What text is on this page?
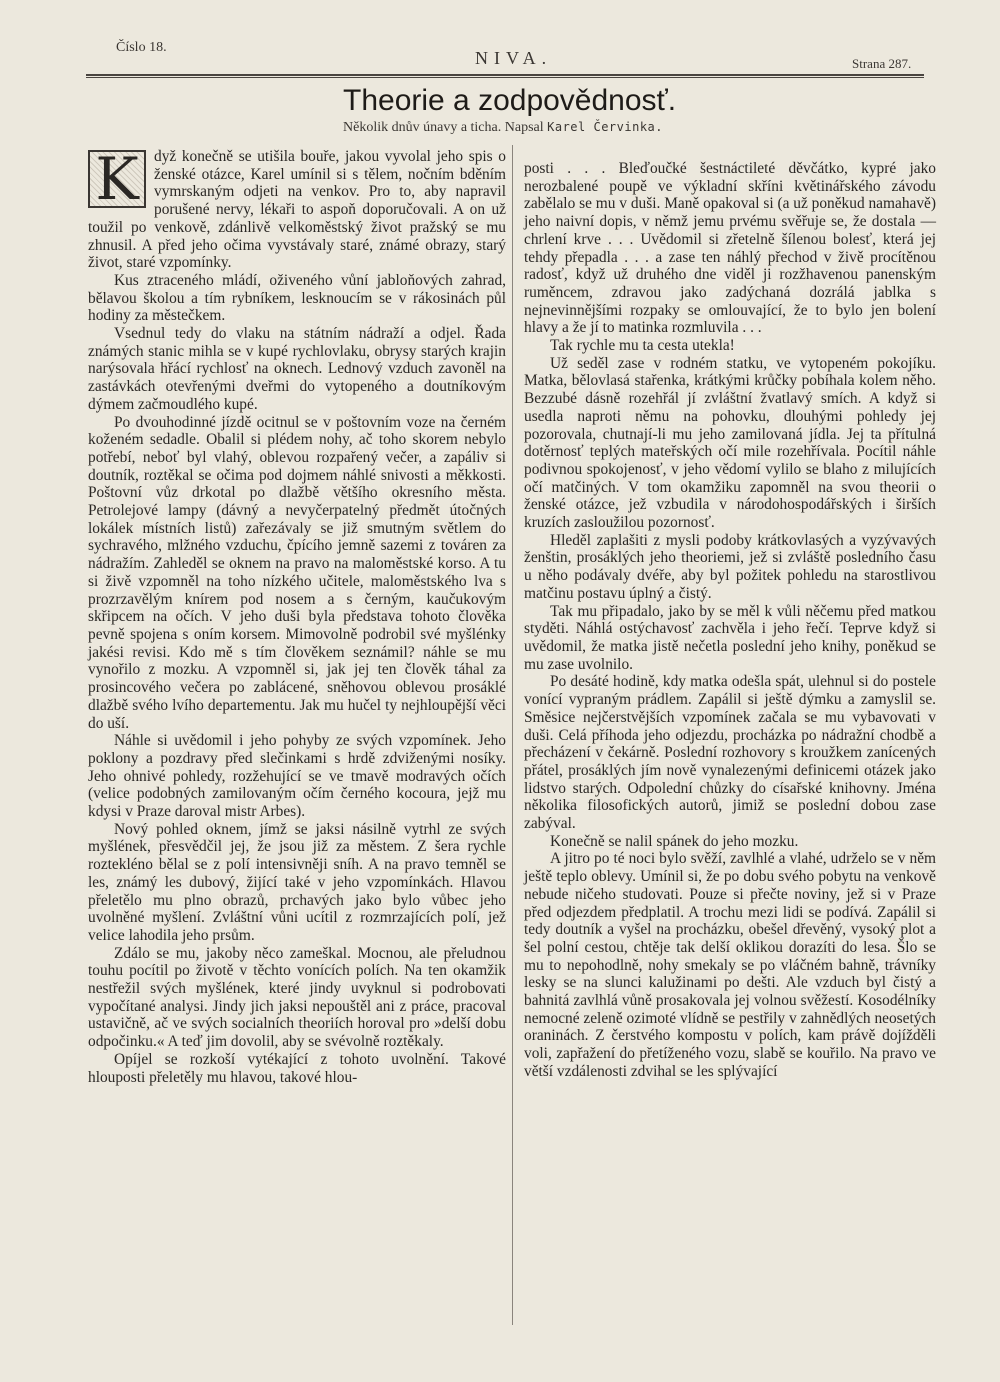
Číslo 18.
NIVA.	Strana 287.
Theorie a zodpovědnosť.
Několik dnův únavy a ticha. Napsal Karel Červinka.

K dyž konečně se utišila bouře, jakou vyvolal jeho spis o ženské otázce, Karel umínil si s tělem, nočním bděním vymrskaným odjeti na venkov. Pro to, aby napravil porušené nervy, lékaři to aspoň doporučovali. A on už toužil po venkově, zdánlivě velkoměstský život pražský se mu zhnusil. A před jeho očima vyvstávaly staré, známé obrazy, starý život, staré vzpomínky.

Kus ztraceného mládí, oživeného vůní jabloňových zahrad, bělavou školou a tím rybníkem, lesknoucím se v rákosinách půl hodiny za městečkem.

Vsednul tedy do vlaku na státním nádraží a odjel. Řada známých stanic mihla se v kupé rychlovlaku, obrysy starých krajin narýsovala hřácí rychlosť na oknech. Lednový vzduch zavoněl na zastávkách otevřenými dveřmi do vytopeného a doutníkovým dýmem začmoudlého kupé.

Po dvouhodinné jízdě ocitnul se v poštovním voze na černém koženém sedadle. Obalil si plédem nohy, ač toho skorem nebylo potřebí, neboť byl vlahý, oblevou rozpařený večer, a zapáliv si doutník, roztěkal se očima pod dojmem náhlé snivosti a měkkosti. Poštovní vůz drkotal po dlažbě většího okresního města. Petrolejové lampy (dávný a nevyčerpatelný předmět útočných lokálek místních listů) zařezávaly se již smutným světlem do sychravého, mlžného vzduchu, čpícího jemně sazemi z továren za nádražím. Zahleděl se oknem na pravo na maloměstské korso. A tu si živě vzpomněl na toho nízkého učitele, maloměstského lva s prozrzavělým knírem pod nosem a s černým, kaučukovým skřipcem na očích. V jeho duši byla představa tohoto člověka pevně spojena s oním korsem. Mimovolně podrobil své myšlénky jakési revisi. Kdo mě s tím člověkem seznámil? náhle se mu vynořilo z mozku. A vzpomněl si, jak jej ten člověk táhal za prosincového večera po zablácené, sněhovou oblevou prosáklé dlažbě svého lvího departementu. Jak mu hučel ty nejhloupější věci do uší.

Náhle si uvědomil i jeho pohyby ze svých vzpomínek. Jeho poklony a pozdravy před slečinkami s hrdě zdviženými nosíky. Jeho ohnivé pohledy, rozžehující se ve tmavě modravých očích (velice podobných zamilovaným očím černého kocoura, jejž mu kdysi v Praze daroval mistr Arbes).

Nový pohled oknem, jímž se jaksi násilně vytrhl ze svých myšlének, přesvědčil jej, že jsou již za městem. Z šera rychle roztekléno bělal se z polí intensivněji sníh. A na pravo temněl se les, známý les dubový, žijící také v jeho vzpomínkách. Hlavou přeletělo mu plno obrazů, prchavých jako bylo vůbec jeho uvolněné myšlení. Zvláštní vůni ucítil z rozmrzajících polí, jež velice lahodila jeho prsům.

Zdálo se mu, jakoby něco zameškal. Mocnou, ale přeludnou touhu pocítil po životě v těchto vonících polích. Na ten okamžik nestřežil svých myšlének, které jindy uvyknul si podrobovati vypočítané analysi. Jindy jich jaksi nepouštěl ani z práce, pracoval ustavičně, ač ve svých socialních theoriích horoval pro »delší dobu odpočinku.« A teď jim dovolil, aby se svévolně roztěkaly.

Opíjel se rozkoší vytékající z tohoto uvolnění. Takové hlouposti přeletěly mu hlavou, takové hlou-

posti . . . Bleďoučké šestnáctileté děvčátko, kypré jako nerozbalené poupě ve výkladní skříni květinářského závodu zabělalo se mu v duši. Maně opakoval si (a už poněkud namahavě) jeho naivní dopis, v němž jemu prvému svěřuje se, že dostala — chrlení krve . . . Uvědomil si zřetelně šílenou bolesť, která jej tehdy přepadla . . . a zase ten náhlý přechod v živě procítěnou radosť, když už druhého dne viděl ji rozžhavenou panenským ruměncem, zdravou jako zadýchaná dozrálá jablka s nejnevinnějšími rozpaky se omlouvající, že to bylo jen bolení hlavy a že jí to matinka rozmluvila . . .

Tak rychle mu ta cesta utekla!

Už seděl zase v rodném statku, ve vytopeném pokojíku. Matka, bělovlasá stařenka, krátkými krůčky pobíhala kolem něho. Bezzubé dásně rozehřál jí zvláštní žvatlavý smích. A když si usedla naproti němu na pohovku, dlouhými pohledy jej pozorovala, chutnají-li mu jeho zamilovaná jídla. Jej ta přítulná dotěrnosť teplých mateřských očí mile rozehřívala. Pocítil náhle podivnou spokojenosť, v jeho vědomí vylilo se blaho z milujících očí matčiných. V tom okamžiku zapomněl na svou theorii o ženské otázce, jež vzbudila v národohospodářských i širších kruzích zasloužilou pozornosť.

Hleděl zaplašiti z mysli podoby krátkovlasých a vyzývavých ženštin, prosáklých jeho theoriemi, jež si zvláště posledního času u něho podávaly dvéře, aby byl požitek pohledu na starostlivou matčinu postavu úplný a čistý.

Tak mu připadalo, jako by se měl k vůli něčemu před matkou styděti. Náhlá ostýchavosť zachvěla i jeho řečí. Teprve když si uvědomil, že matka jistě nečetla poslední jeho knihy, poněkud se mu zase uvolnilo.

Po desáté hodině, kdy matka odešla spát, ulehnul si do postele vonící vypraným prádlem. Zapálil si ještě dýmku a zamyslil se. Směsice nejčerstvějších vzpomínek začala se mu vybavovati v duši. Celá příhoda jeho odjezdu, procházka po nádražní chodbě a přecházení v čekárně. Poslední rozhovory s kroužkem zanícených přátel, prosáklých jím nově vynalezenými definicemi otázek jako lidstvo starých. Odpolední chůzky do císařské knihovny. Jména několika filosofických autorů, jimiž se poslední dobou zase zabýval.

Konečně se nalil spánek do jeho mozku.

A jitro po té noci bylo svěží, zavlhlé a vlahé, udrželo se v něm ještě teplo oblevy. Umínil si, že po dobu svého pobytu na venkově nebude ničeho studovati. Pouze si přečte noviny, jež si v Praze před odjezdem předplatil. A trochu mezi lidi se podívá. Zapálil si tedy doutník a vyšel na procházku, obešel dřevěný, vysoký plot a šel polní cestou, chtěje tak delší oklikou dorazíti do lesa. Šlo se mu to nepohodlně, nohy smekaly se po vláčném bahně, trávníky lesky se na slunci kalužinami po dešti. Ale vzduch byl čistý a bahnitá zavlhlá vůně prosakovala jej volnou svěžestí. Kosodélníky nemocné zeleně ozimoté vlídně se pestřily v zahnědlých neosetých oraninách. Z čerstvého kompostu v polích, kam právě dojížděli voli, zapřažení do přetíženého vozu, slabě se kouřilo. Na pravo ve větší vzdálenosti zdvihal se les splývající
